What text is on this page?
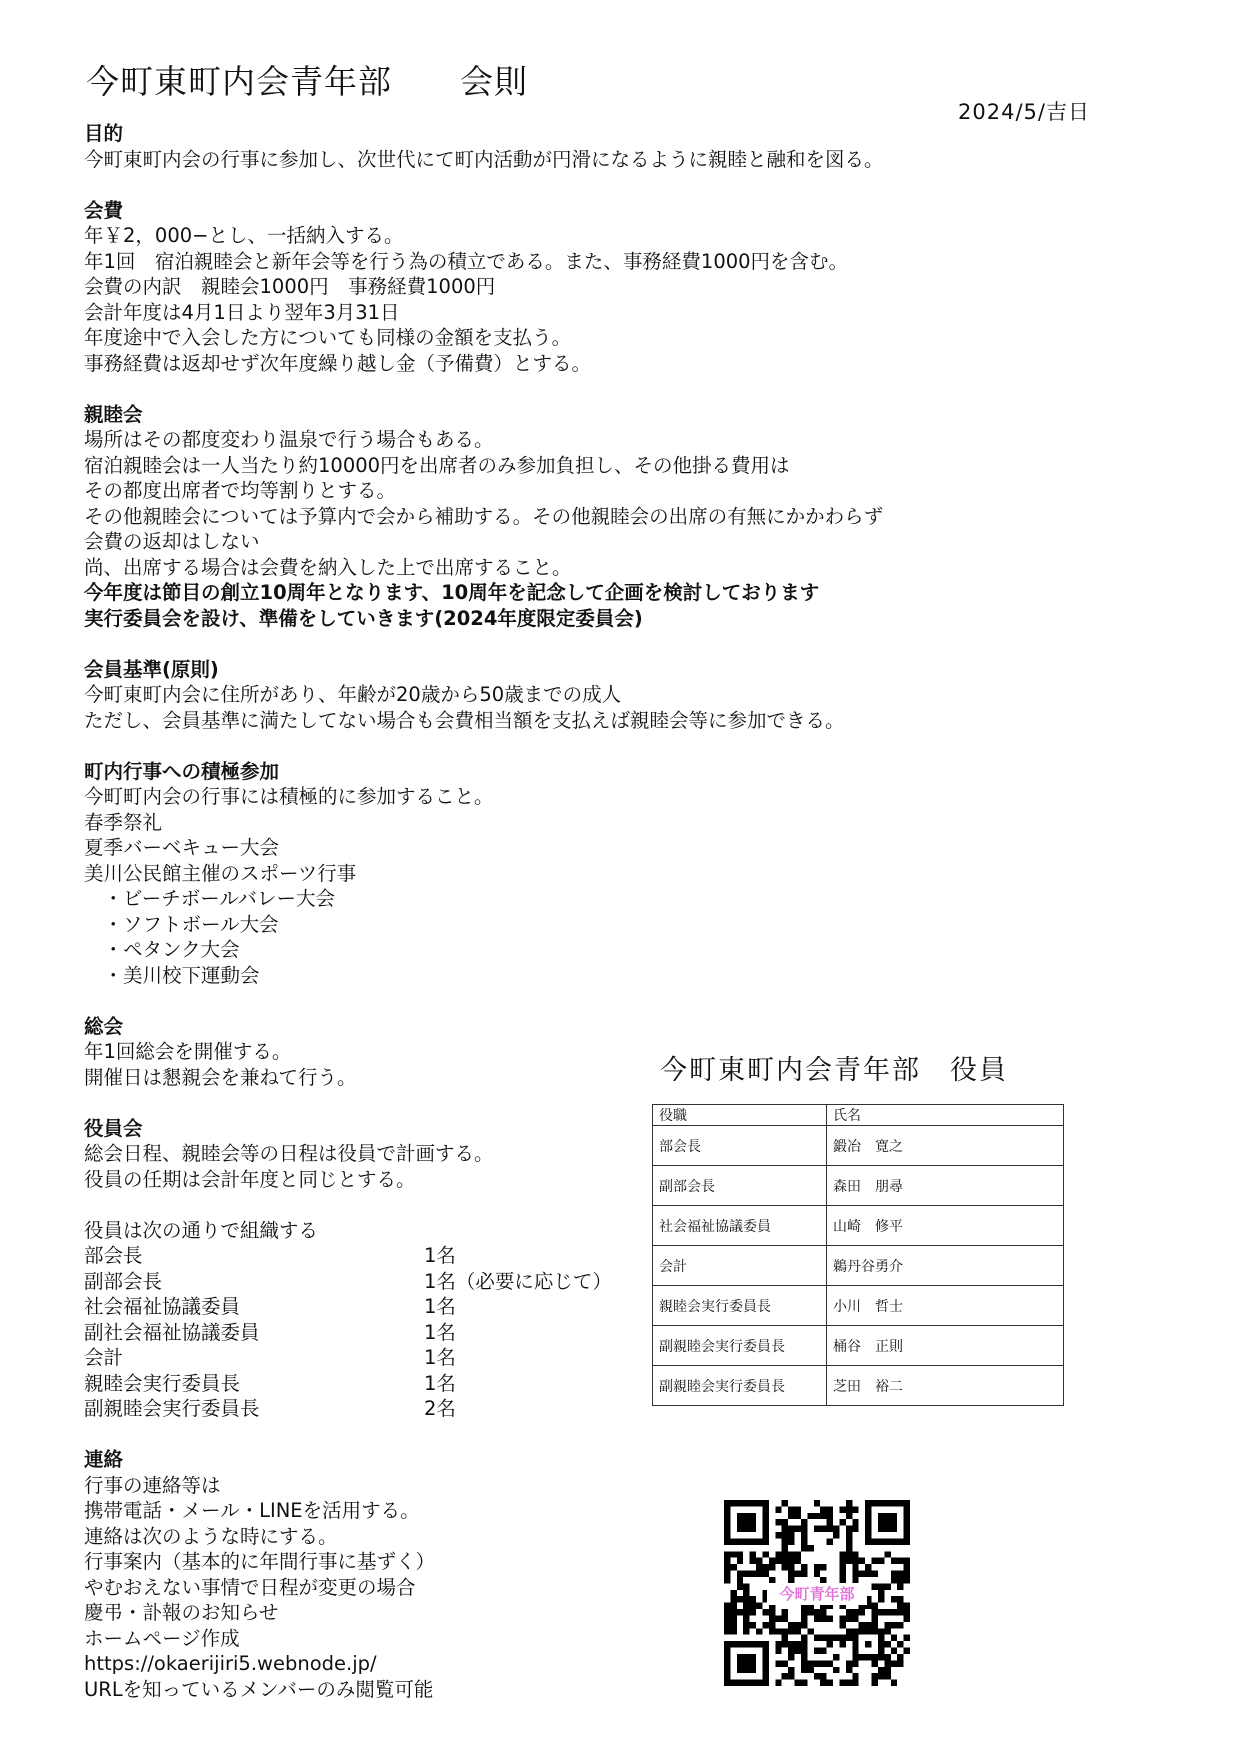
今町東町内会青年部　　会則
2024/5/吉日
目的

今町東町内会の行事に参加し、次世代にて町内活動が円滑になるように親睦と融和を図る。

会費

年￥2，000−とし、一括納入する。

年1回　宿泊親睦会と新年会等を行う為の積立である。また、事務経費1000円を含む。

会費の内訳　親睦会1000円　事務経費1000円

会計年度は4月1日より翌年3月31日

年度途中で入会した方についても同様の金額を支払う。

事務経費は返却せず次年度繰り越し金（予備費）とする。

親睦会

場所はその都度変わり温泉で行う場合もある。

宿泊親睦会は一人当たり約10000円を出席者のみ参加負担し、その他掛る費用は

その都度出席者で均等割りとする。

その他親睦会については予算内で会から補助する。その他親睦会の出席の有無にかかわらず

会費の返却はしない

尚、出席する場合は会費を納入した上で出席すること。

今年度は節目の創立10周年となります、10周年を記念して企画を検討しております

実行委員会を設け、準備をしていきます(2024年度限定委員会)

会員基準(原則)

今町東町内会に住所があり、年齢が20歳から50歳までの成人

ただし、会員基準に満たしてない場合も会費相当額を支払えば親睦会等に参加できる。

町内行事への積極参加

今町町内会の行事には積極的に参加すること。

春季祭礼

夏季バーベキュー大会

美川公民館主催のスポーツ行事

　・ビーチボールバレー大会

　・ソフトボール大会

　・ペタンク大会

　・美川校下運動会

総会

年1回総会を開催する。

開催日は懇親会を兼ねて行う。

役員会

総会日程、親睦会等の日程は役員で計画する。

役員の任期は会計年度と同じとする。

役員は次の通りで組織する

部会長	1名
副部会長	1名（必要に応じて）
社会福祉協議委員	1名
副社会福祉協議委員	1名
会計	1名
親睦会実行委員長	1名
副親睦会実行委員長	2名
連絡

行事の連絡等は

携帯電話・メール・LINEを活用する。

連絡は次のような時にする。

行事案内（基本的に年間行事に基ずく）

やむおえない事情で日程が変更の場合

慶弔・訃報のお知らせ

ホームページ作成

https://okaerijiri5.webnode.jp/

URLを知っているメンバーのみ閲覧可能

今町東町内会青年部　役員
役職	氏名
部会長	鍛冶　寛之
副部会長	森田　朋尋
社会福祉協議委員	山崎　修平
会計	鵜丹谷勇介
親睦会実行委員長	小川　哲士
副親睦会実行委員長	桶谷　正則
副親睦会実行委員長	芝田　裕二
今町青年部
